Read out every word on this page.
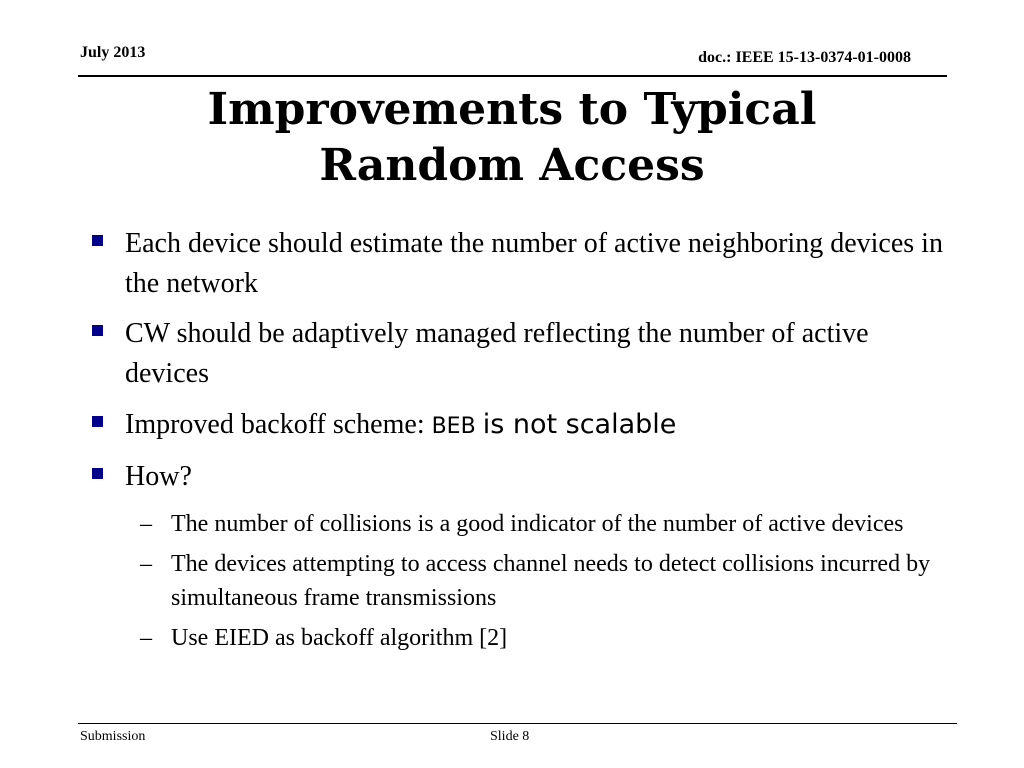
July 2013	doc.: IEEE 15-13-0374-01-0008
Improvements to Typical
Random Access
Each device should estimate the number of active neighboring devices in the network
CW should be adaptively managed reflecting the number of active devices
Improved backoff scheme: BEB is not scalable
How?
– The number of collisions is a good indicator of the number of active devices
– The devices attempting to access channel needs to detect collisions incurred by simultaneous frame transmissions
– Use EIED as backoff algorithm [2]
Submission	Slide 8
